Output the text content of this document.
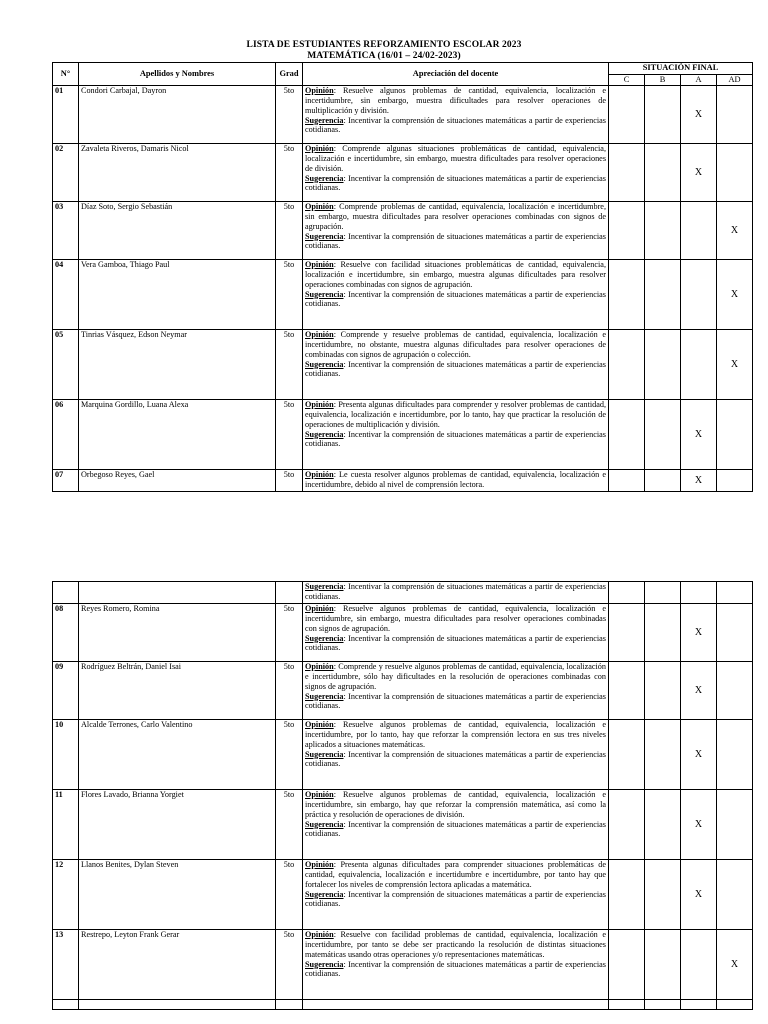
LISTA DE ESTUDIANTES REFORZAMIENTO ESCOLAR 2023
MATEMÁTICA (16/01 – 24/02-2023)
N°	Apellidos y Nombres	Grad	Apreciación del docente	SITUACIÓN FINAL			
				C	B	A	AD
01	Condori Carbajal, Dayron	5to	Opinión: Resuelve algunos problemas de cantidad, equivalencia, localización e incertidumbre, sin embargo, muestra dificultades para resolver operaciones de multiplicación y división.
Sugerencia: Incentivar la comprensión de situaciones matemáticas a partir de experiencias cotidianas.			X	
02	Zavaleta Riveros, Damaris Nicol	5to	Opinión: Comprende algunas situaciones problemáticas de cantidad, equivalencia, localización e incertidumbre, sin embargo, muestra dificultades para resolver operaciones de división.
Sugerencia: Incentivar la comprensión de situaciones matemáticas a partir de experiencias cotidianas.			X	
03	Díaz Soto, Sergio Sebastián	5to	Opinión: Comprende problemas de cantidad, equivalencia, localización e incertidumbre, sin embargo, muestra dificultades para resolver operaciones combinadas con signos de agrupación.
Sugerencia: Incentivar la comprensión de situaciones matemáticas a partir de experiencias cotidianas.				X
04	Vera Gamboa, Thiago Paul	5to	Opinión: Resuelve con facilidad situaciones problemáticas de cantidad, equivalencia, localización e incertidumbre, sin embargo, muestra algunas dificultades para resolver operaciones combinadas con signos de agrupación.
Sugerencia: Incentivar la comprensión de situaciones matemáticas a partir de experiencias cotidianas.				X
05	Tinrias Vásquez, Edson Neymar	5to	Opinión: Comprende y resuelve problemas de cantidad, equivalencia, localización e incertidumbre, no obstante, muestra algunas dificultades para resolver operaciones de combinadas con signos de agrupación o colección.
Sugerencia: Incentivar la comprensión de situaciones matemáticas a partir de experiencias cotidianas.				X
06	Marquina Gordillo, Luana Alexa	5to	Opinión: Presenta algunas dificultades para comprender y resolver problemas de cantidad, equivalencia, localización e incertidumbre, por lo tanto, hay que practicar la resolución de operaciones de multiplicación y división.
Sugerencia: Incentivar la comprensión de situaciones matemáticas a partir de experiencias cotidianas.			X	
07	Orbegoso Reyes, Gael	5to	Opinión: Le cuesta resolver algunos problemas de cantidad, equivalencia, localización e incertidumbre, debido al nivel de comprensión lectora.			X	
			Sugerencia: Incentivar la comprensión de situaciones matemáticas a partir de experiencias cotidianas.				
08	Reyes Romero, Romina	5to	Opinión: Resuelve algunos problemas de cantidad, equivalencia, localización e incertidumbre, sin embargo, muestra dificultades para resolver operaciones combinadas con signos de agrupación.
Sugerencia: Incentivar la comprensión de situaciones matemáticas a partir de experiencias cotidianas.			X	
09	Rodríguez Beltrán, Daniel Isai	5to	Opinión: Comprende y resuelve algunos problemas de cantidad, equivalencia, localización e incertidumbre, sólo hay dificultades en la resolución de operaciones combinadas con signos de agrupación.
Sugerencia: Incentivar la comprensión de situaciones matemáticas a partir de experiencias cotidianas.			X	
10	Alcalde Terrones, Carlo Valentino	5to	Opinión: Resuelve algunos problemas de cantidad, equivalencia, localización e incertidumbre, por lo tanto, hay que reforzar la comprensión lectora en sus tres niveles aplicados a situaciones matemáticas.
Sugerencia: Incentivar la comprensión de situaciones matemáticas a partir de experiencias cotidianas.			X	
11	Flores Lavado, Brianna Yorgiet	5to	Opinión: Resuelve algunos problemas de cantidad, equivalencia, localización e incertidumbre, sin embargo, hay que reforzar la comprensión matemática, así como la práctica y resolución de operaciones de división.
Sugerencia: Incentivar la comprensión de situaciones matemáticas a partir de experiencias cotidianas.			X	
12	Llanos Benites, Dylan Steven	5to	Opinión: Presenta algunas dificultades para comprender situaciones problemáticas de cantidad, equivalencia, localización e incertidumbre e incertidumbre, por tanto hay que fortalecer los niveles de comprensión lectora aplicadas a matemática.
Sugerencia: Incentivar la comprensión de situaciones matemáticas a partir de experiencias cotidianas.			X	
13	Restrepo, Leyton Frank Gerar	5to	Opinión: Resuelve con facilidad problemas de cantidad, equivalencia, localización e incertidumbre, por tanto se debe ser practicando la resolución de distintas situaciones matemáticas usando otras operaciones y/o representaciones matemáticas.
Sugerencia: Incentivar la comprensión de situaciones matemáticas a partir de experiencias cotidianas.				X
